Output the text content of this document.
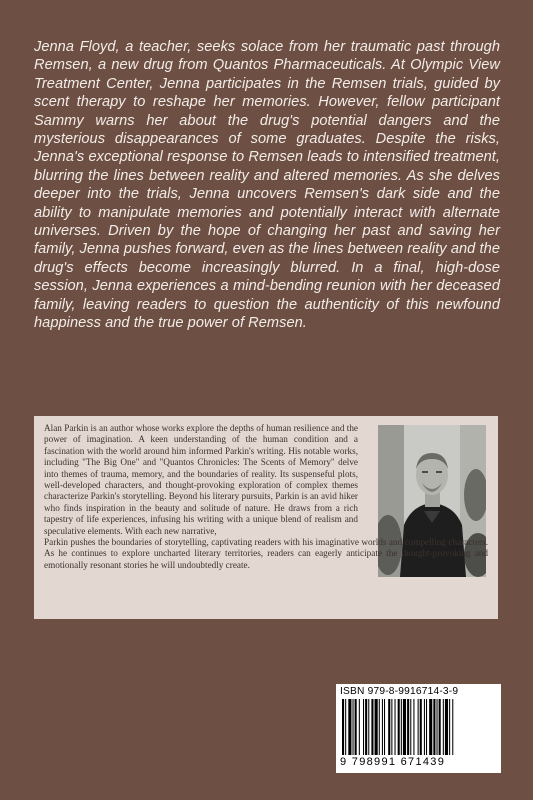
Jenna Floyd, a teacher, seeks solace from her traumatic past through Remsen, a new drug from Quantos Pharmaceuticals. At Olympic View Treatment Center, Jenna participates in the Remsen trials, guided by scent therapy to reshape her memories. However, fellow participant Sammy warns her about the drug's potential dangers and the mysterious disappearances of some graduates. Despite the risks, Jenna's exceptional response to Remsen leads to intensified treatment, blurring the lines between reality and altered memories. As she delves deeper into the trials, Jenna uncovers Remsen's dark side and the ability to manipulate memories and potentially interact with alternate universes. Driven by the hope of changing her past and saving her family, Jenna pushes forward, even as the lines between reality and the drug's effects become increasingly blurred. In a final, high-dose session, Jenna experiences a mind-bending reunion with her deceased family, leaving readers to question the authenticity of this newfound happiness and the true power of Remsen.

Alan Parkin is an author whose works explore the depths of human resilience and the power of imagination. A keen understanding of the human condition and a fascination with the world around him informed Parkin's writing. His notable works, including "The Big One" and "Quantos Chronicles: The Scents of Memory" delve into themes of trauma, memory, and the boundaries of reality. Its suspenseful plots, well-developed characters, and thought-provoking exploration of complex themes characterize Parkin's storytelling. Beyond his literary pursuits, Parkin is an avid hiker who finds inspiration in the beauty and solitude of nature. He draws from a rich tapestry of life experiences, infusing his writing with a unique blend of realism and speculative elements. With each new narrative,

Parkin pushes the boundaries of storytelling, captivating readers with his imaginative worlds and compelling characters. As he continues to explore uncharted literary territories, readers can eagerly anticipate the thought-provoking and emotionally resonant stories he will undoubtedly create.

ISBN 979-8-9916714-3-9
9 798991 671439
